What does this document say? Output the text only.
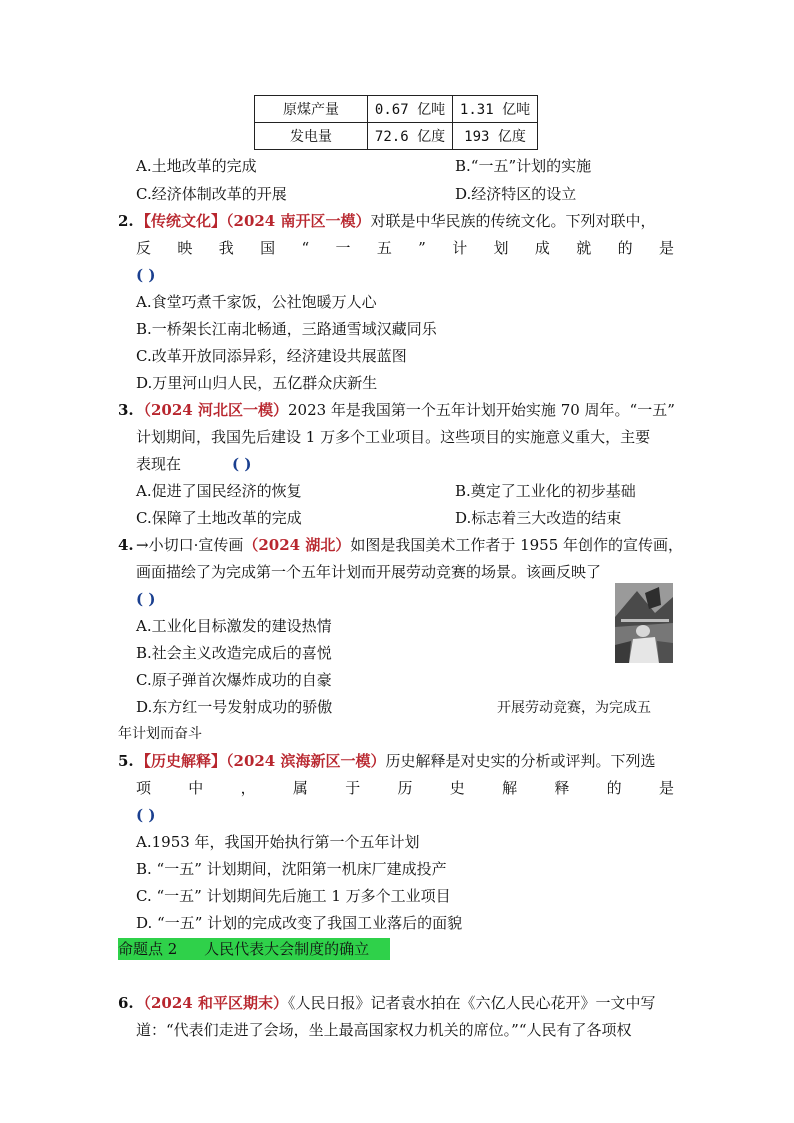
原煤产量	0.67 亿吨	1.31 亿吨
发电量	72.6 亿度	193 亿度
A.土地改革的完成	B.“一五”计划的实施
C.经济体制改革的开展	D.经济特区的设立
2. 【传统文化】（2024 南开区一模）对联是中华民族的传统文化。下列对联中，
反 映 我 国 “ 一 五 ” 计 划 成 就 的 是
( )
A.食堂巧煮千家饭，公社饱暖万人心
B.一桥架长江南北畅通，三路通雪域汉藏同乐
C.改革开放同添异彩，经济建设共展蓝图
D.万里河山归人民，五亿群众庆新生
3. （2024 河北区一模）2023 年是我国第一个五年计划开始实施 70 周年。“一五”
计划期间，我国先后建设 1 万多个工业项目。这些项目的实施意义重大，主要
表现在	( )
A.促进了国民经济的恢复	B.奠定了工业化的初步基础
C.保障了土地改革的完成	D.标志着三大改造的结束
4. →小切口·宣传画（2024 湖北）如图是我国美术工作者于 1955 年创作的宣传画，
画面描绘了为完成第一个五年计划而开展劳动竞赛的场景。该画反映了
( )
A.工业化目标激发的建设热情
B.社会主义改造完成后的喜悦
C.原子弹首次爆炸成功的自豪
D.东方红一号发射成功的骄傲	开展劳动竞赛，为完成五
年计划而奋斗
5. 【历史解释】（2024 滨海新区一模）历史解释是对史实的分析或评判。下列选
项 中 ， 属 于 历 史 解 释 的 是
( )
A.1953 年，我国开始执行第一个五年计划
B. “一五” 计划期间，沈阳第一机床厂建成投产
C. “一五” 计划期间先后施工 1 万多个工业项目
D. “一五” 计划的完成改变了我国工业落后的面貌
命题点 2 人民代表大会制度的确立
6. （2024 和平区期末）《人民日报》记者袁水拍在《六亿人民心花开》一文中写
道：“代表们走进了会场，坐上最高国家权力机关的席位。”“人民有了各项权
